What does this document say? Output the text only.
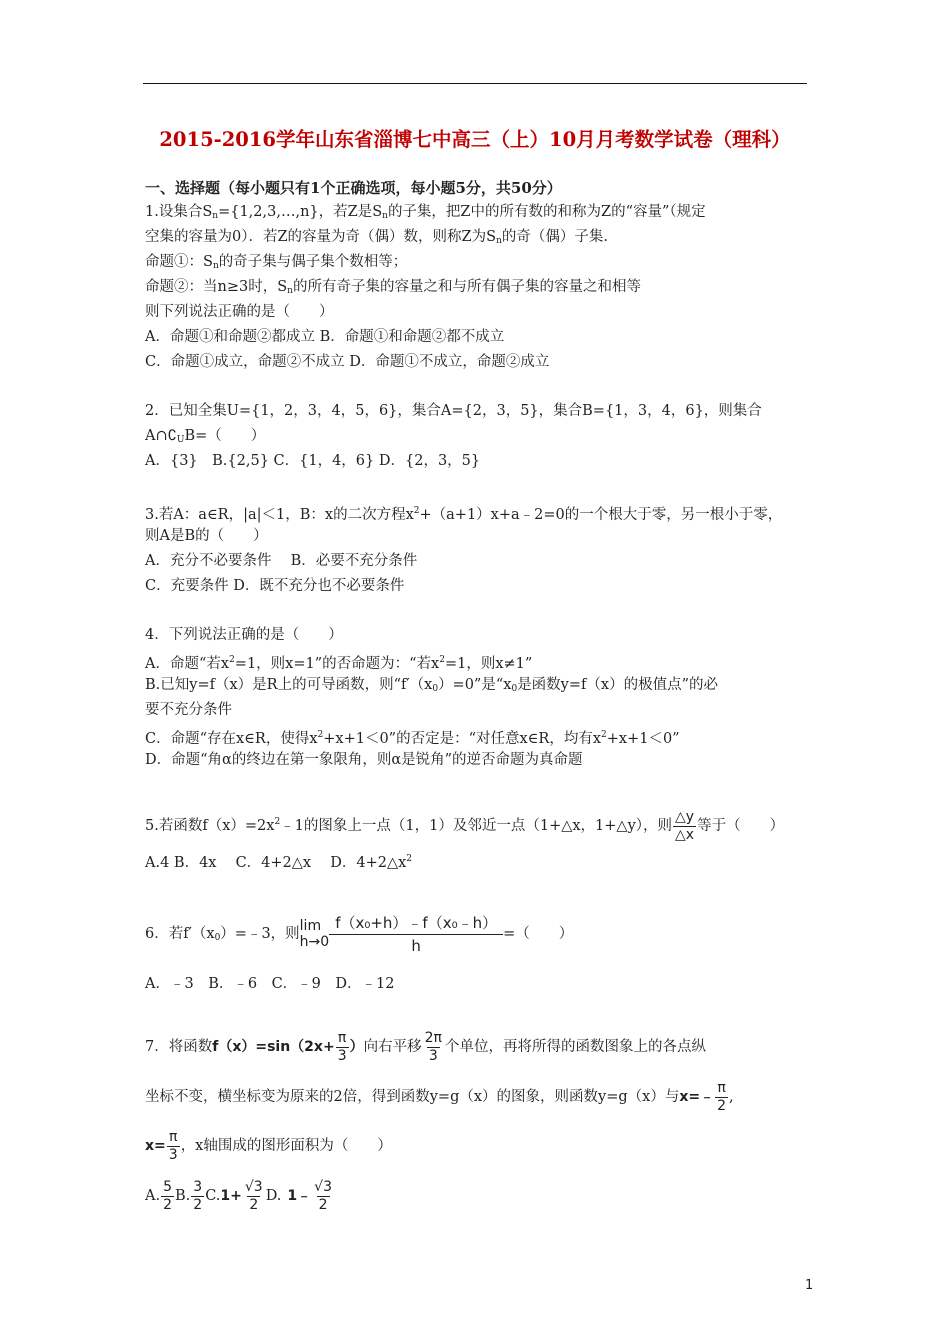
2015-2016学年山东省淄博七中高三（上）10月月考数学试卷（理科）
一、选择题（每小题只有1个正确选项，每小题5分，共50分）
1.设集合$S_n=\{1,2,3,\dots,n\}$，若Z是$S_n$的子集，把Z中的所有数的和称为Z的“容量”（规定
空集的容量为0）．若Z的容量为奇（偶）数，则称Z为$S_n$的奇（偶）子集.
命题①：$S_n$的奇子集与偶子集个数相等；
命题②：当n≥3时，$S_n$的所有奇子集的容量之和与所有偶子集的容量之和相等
则下列说法正确的是（　　）
A．命题①和命题②都成立 B．命题①和命题②都不成立
C．命题①成立，命题②不成立 D．命题①不成立，命题②成立
2．已知全集U={1，2，3，4，5，6}，集合A={2，3，5}，集合B={1，3，4，6}，则集合
$A\cap∁_UB=$（　　）
A．{3}　B.{2,5} C．{1，4，6} D．{2，3，5}
3.若A：a∈R，|a|＜1，B：x的二次方程$x^2+(a+1)x+a﹣2=0$的一个根大于零，另一根小于零，
则A是B的（　　）
A．充分不必要条件　 B．必要不充分条件
C．充要条件 D．既不充分也不必要条件
4．下列说法正确的是（　　）
A．命题“若$x^2=1$，则x=1”的否命题为：“若$x^2=1$，则x≠1”
B.已知y=f（x）是R上的可导函数，则“$f'(x_0)=0$”是“$x_0$是函数y=f（x）的极值点”的必
要不充分条件
C．命题“存在x∈R，使得$x^2+x+1<0$”的否定是：“对任意x∈R，均有$x^2+x+1<0$”
D．命题“角α的终边在第一象限角，则α是锐角”的逆否命题为真命题
5.若函数$f(x)=2x^2﹣1$的图象上一点（1，1）及邻近一点（1+△x，1+△y），则 $\frac{\triangle y}{\triangle x}$ 等于（　　）
A.4 B．4x　 C．4+2△x　 D．$4+2\triangle x^2$
6．若$f'(x_0)=﹣3$，则 lim
$h\to 0 \frac{\text{f（x₀+h）﹣f（x₀﹣h）}}{h}$ =（　　）
A．﹣3　B．﹣6　C．﹣9　D．﹣12
7．将函数$f(x)=\sin(2x+ \frac{\pi}{3}$ ）向右平移 $\frac{2\pi}{3}$ 个单位，再将所得的函数图象上的各点纵
坐标不变，横坐标变为原来的2倍，得到函数y=g（x）的图象，则函数y=g（x）与x=﹣ $\frac{\pi}{2}$ ,
$x= \frac{\pi}{3}$ ，x轴围成的图形面积为（　　）
A. $\frac{5}{2} B$. $\frac{3}{2} C.1+ \frac{√3}{2} D$. 1﹣ $\frac{√3}{2}$
1
